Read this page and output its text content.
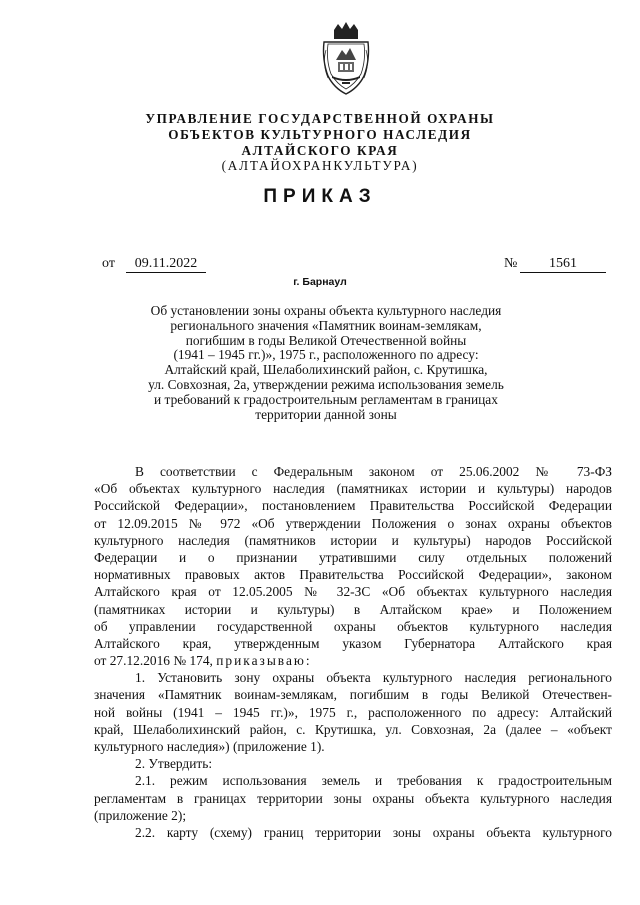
УПРАВЛЕНИЕ ГОСУДАРСТВЕННОЙ ОХРАНЫ
ОБЪЕКТОВ КУЛЬТУРНОГО НАСЛЕДИЯ
АЛТАЙСКОГО КРАЯ
(АЛТАЙОХРАНКУЛЬТУРА)
ПРИКАЗ
от	09.11.2022	№	1561
г. Барнаул
Об установлении зоны охраны объекта культурного наследия
регионального значения «Памятник воинам-землякам,
погибшим в годы Великой Отечественной войны
(1941 – 1945 гг.)», 1975 г., расположенного по адресу:
Алтайский край, Шелаболихинский район, с. Крутишка,
ул. Совхозная, 2а, утверждении режима использования земель
и требований к градостроительным регламентам в границах
территории данной зоны
В соответствии с Федеральным законом от 25.06.2002 № 73-ФЗ
«Об объектах культурного наследия (памятниках истории и культуры) народов
Российской Федерации», постановлением Правительства Российской Федерации
от 12.09.2015 № 972 «Об утверждении Положения о зонах охраны объектов
культурного наследия (памятников истории и культуры) народов Российской
Федерации и о признании утратившими силу отдельных положений
нормативных правовых актов Правительства Российской Федерации», законом
Алтайского края от 12.05.2005 № 32-ЗС «Об объектах культурного наследия
(памятниках истории и культуры) в Алтайском крае» и Положением
об управлении государственной охраны объектов культурного наследия
Алтайского края, утвержденным указом Губернатора Алтайского края
от 27.12.2016 № 174, приказываю:
1. Установить зону охраны объекта культурного наследия регионального
значения «Памятник воинам-землякам, погибшим в годы Великой Отечествен-
ной войны (1941 – 1945 гг.)», 1975 г., расположенного по адресу: Алтайский
край, Шелаболихинский район, с. Крутишка, ул. Совхозная, 2а (далее – «объект
культурного наследия») (приложение 1).
2. Утвердить:
2.1. режим использования земель и требования к градостроительным
регламентам в границах территории зоны охраны объекта культурного наследия
(приложение 2);
2.2. карту (схему) границ территории зоны охраны объекта культурного
